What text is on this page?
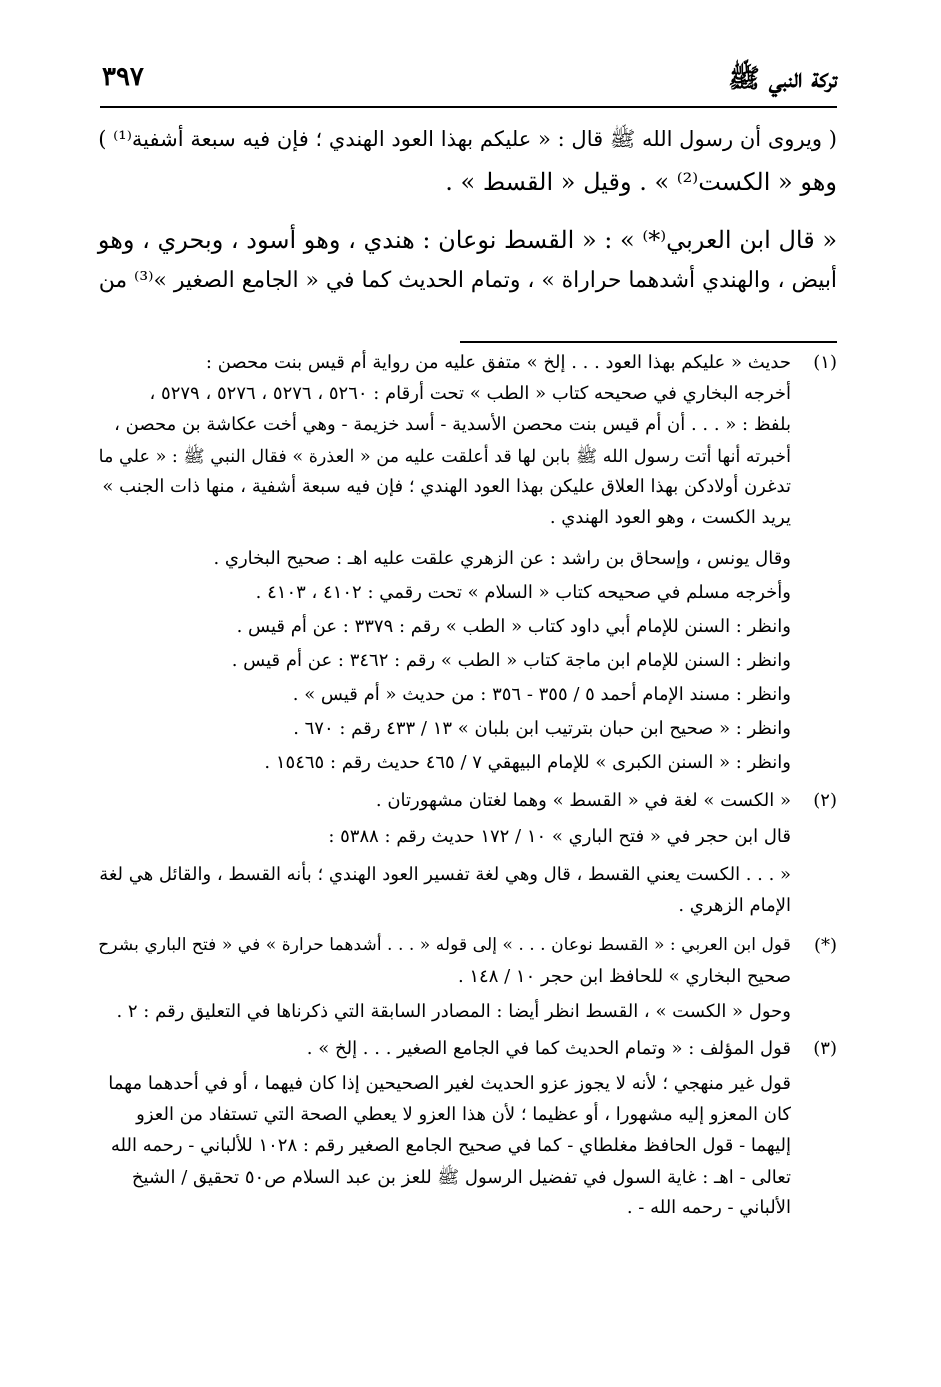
تركة النبي ﷺ
٣٩٧
( ويروى أن رسول الله ﷺ قال : « عليكم بهذا العود الهندي ؛ فإن فيه سبعة أشفية⁽¹⁾ )
وهو « الكست⁽²⁾ » . وقيل « القسط » .
« قال ابن العربي⁽*⁾ » : « القسط نوعان : هندي ، وهو أسود ، وبحري ، وهو
أبيض ، والهندي أشدهما حراراة » ، وتمام الحديث كما في « الجامع الصغير »⁽³⁾ من
(١)
حديث « عليكم بهذا العود . . . إلخ » متفق عليه من رواية أم قيس بنت محصن :
أخرجه البخاري في صحيحه كتاب « الطب » تحت أرقام : ٥٢٦٠ ، ٥٢٧٦ ، ٥٢٧٦ ، ٥٢٧٩ ،
بلفظ : « . . . أن أم قيس بنت محصن الأسدية - أسد خزيمة - وهي أخت عكاشة بن محصن ،
أخبرته أنها أتت رسول الله ﷺ بابن لها قد أعلقت عليه من « العذرة » فقال النبي ﷺ : « علي ما
تدغرن أولادكن بهذا العلاق عليكن بهذا العود الهندي ؛ فإن فيه سبعة أشفية ، منها ذات الجنب »
يريد الكست ، وهو العود الهندي .
وقال يونس ، وإسحاق بن راشد : عن الزهري علقت عليه اهـ : صحيح البخاري .
وأخرجه مسلم في صحيحه كتاب « السلام » تحت رقمي : ٤١٠٢ ، ٤١٠٣ .
وانظر : السنن للإمام أبي داود كتاب « الطب » رقم : ٣٣٧٩ : عن أم قيس .
وانظر : السنن للإمام ابن ماجة كتاب « الطب » رقم : ٣٤٦٢ : عن أم قيس .
وانظر : مسند الإمام أحمد ٥ / ٣٥٥ - ٣٥٦ : من حديث « أم قيس » .
وانظر : « صحيح ابن حبان بترتيب ابن بلبان » ١٣ / ٤٣٣ رقم : ٦٧٠ .
وانظر : « السنن الكبرى » للإمام البيهقي ٧ / ٤٦٥ حديث رقم : ١٥٤٦٥ .
(٢)
« الكست » لغة في « القسط » وهما لغتان مشهورتان .
قال ابن حجر في « فتح الباري » ١٠ / ١٧٢ حديث رقم : ٥٣٨٨ :
« . . . الكست يعني القسط ، قال وهي لغة تفسير العود الهندي ؛ بأنه القسط ، والقائل هي لغة
الإمام الزهري .
(*)
قول ابن العربي : « القسط نوعان . . . » إلى قوله « . . . أشدهما حرارة » في « فتح الباري بشرح
صحيح البخاري » للحافظ ابن حجر ١٠ / ١٤٨ .
وحول « الكست » ، القسط انظر أيضا : المصادر السابقة التي ذكرناها في التعليق رقم : ٢ .
(٣)
قول المؤلف : « وتمام الحديث كما في الجامع الصغير . . . إلخ » .
قول غير منهجي ؛ لأنه لا يجوز عزو الحديث لغير الصحيحين إذا كان فيهما ، أو في أحدهما مهما
كان المعزو إليه مشهورا ، أو عظيما ؛ لأن هذا العزو لا يعطي الصحة التي تستفاد من العزو
إليهما - قول الحافظ مغلطاي - كما في صحيح الجامع الصغير رقم : ١٠٢٨ للألباني - رحمه الله
تعالى - اهـ : غاية السول في تفضيل الرسول ﷺ للعز بن عبد السلام ص٥٠ تحقيق / الشيخ
الألباني - رحمه الله - .
